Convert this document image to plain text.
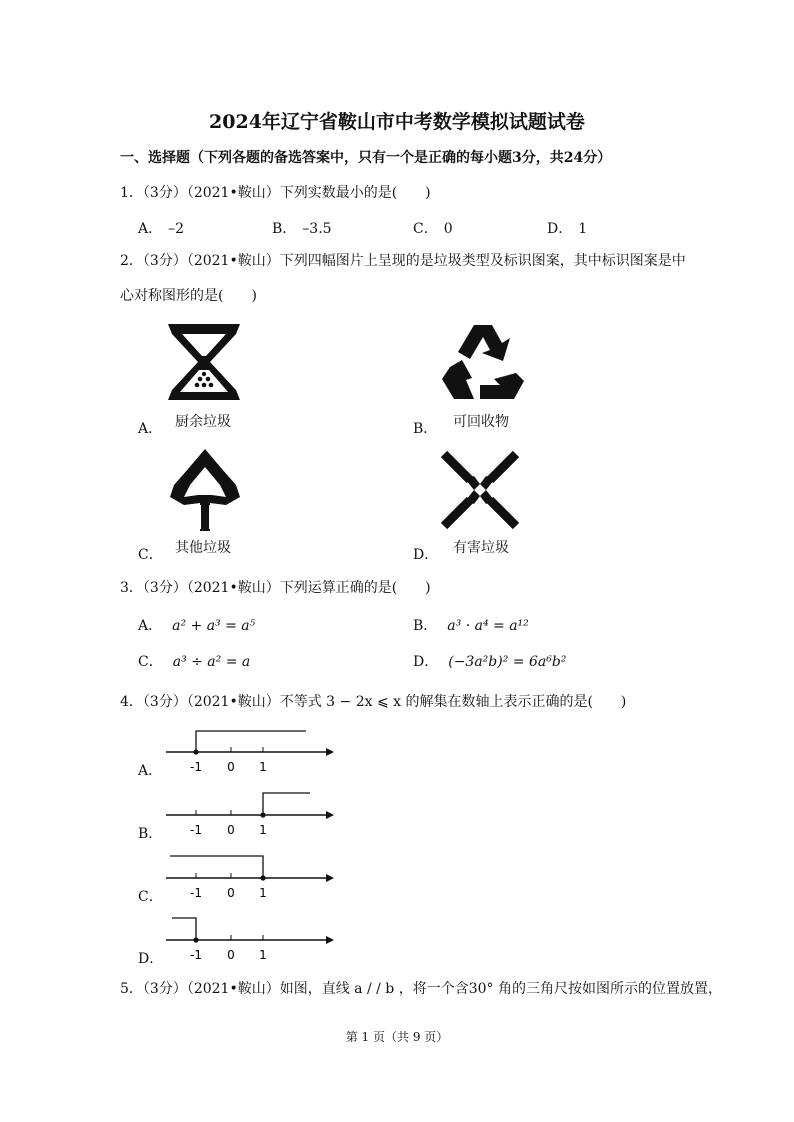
2024年辽宁省鞍山市中考数学模拟试题试卷
一、选择题（下列各题的备选答案中，只有一个是正确的每小题3分，共24分）
1．（3分）（2021•鞍山）下列实数最小的是(　　)
A． –2	B． –3.5	C． 0	D． 1
2．（3分）（2021•鞍山）下列四幅图片上呈现的是垃圾类型及标识图案，其中标识图案是中
心对称图形的是(　　)
A． 厨余垃圾	B． 可回收物
C． 其他垃圾	D． 有害垃圾
3．（3分）（2021•鞍山）下列运算正确的是(　　)
A． a² + a³ = a⁵	B． a³ · a⁴ = a¹²
C． a³ ÷ a² = a	D． (−3a²b)² = 6a⁶b²
4．（3分）（2021•鞍山）不等式 3 − 2x ⩽ x 的解集在数轴上表示正确的是(　　)
A． -1 0 1
B． -1 0 1
C． -1 0 1
D． -1 0 1
5．（3分）（2021•鞍山）如图，直线 a / / b ，将一个含30° 角的三角尺按如图所示的位置放置，
第 1 页（共 9 页）
